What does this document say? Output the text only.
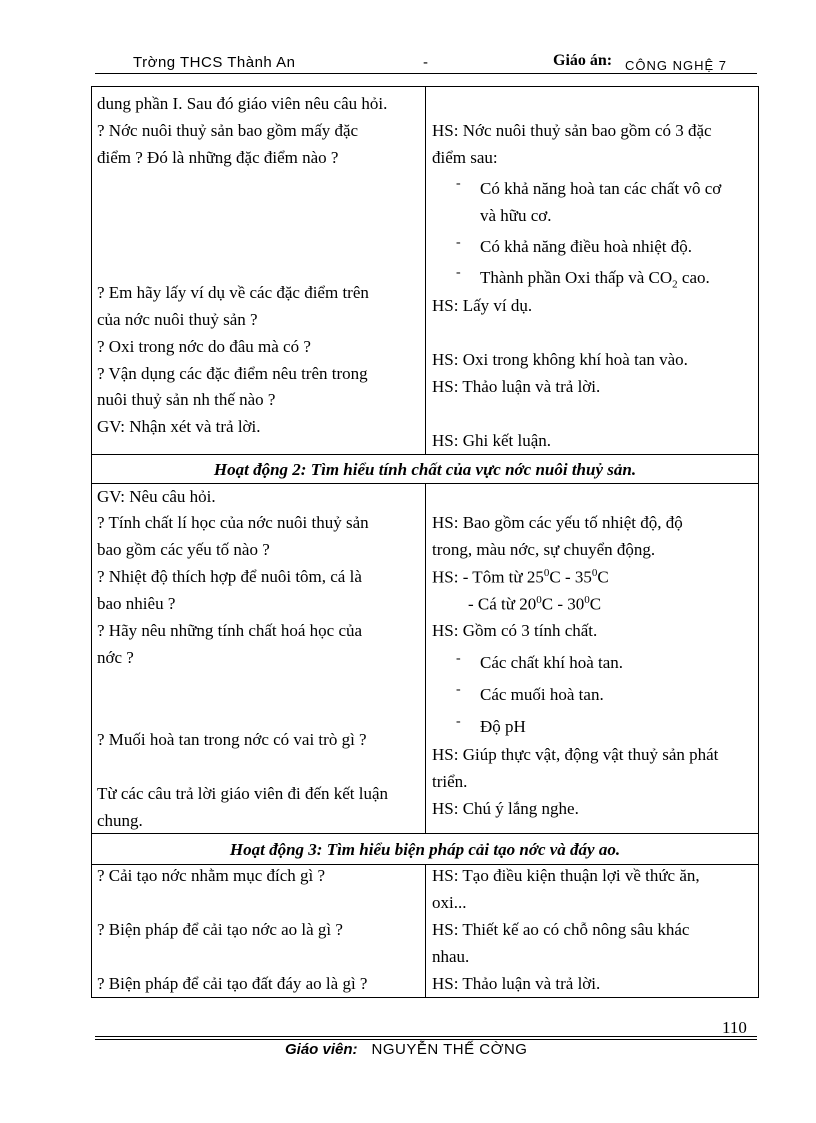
Trờng THCS Thành An	-	Giáo án: CÔNG NGHỆ 7
dung phần I. Sau đó giáo viên nêu câu hỏi.
? Nớc nuôi thuỷ sản bao gồm mấy đặc
điểm ? Đó là những đặc điểm nào ?
? Em hãy lấy ví dụ về các đặc điểm trên
của nớc nuôi thuỷ sản ?
? Oxi trong nớc do đâu mà có ?
? Vận dụng các đặc điểm nêu trên trong
nuôi thuỷ sản nh thế nào ?
GV: Nhận xét và trả lời.
HS: Nớc nuôi thuỷ sản bao gồm có 3 đặc
điểm sau:
- Có khả năng hoà tan các chất vô cơ
và hữu cơ.
- Có khả năng điều hoà nhiệt độ.
- Thành phần Oxi thấp và $CO_2$ cao.
HS: Lấy ví dụ.
HS: Oxi trong không khí hoà tan vào.
HS: Thảo luận và trả lời.
HS: Ghi kết luận.
Hoạt động 2: Tìm hiểu tính chất của vực nớc nuôi thuỷ sản.
GV: Nêu câu hỏi.
? Tính chất lí học của nớc nuôi thuỷ sản
bao gồm các yếu tố nào ?
? Nhiệt độ thích hợp để nuôi tôm, cá là
bao nhiêu ?
? Hãy nêu những tính chất hoá học của
nớc ?
? Muối hoà tan trong nớc có vai trò gì ?
Từ các câu trả lời giáo viên đi đến kết luận
chung.
HS: Bao gồm các yếu tố nhiệt độ, độ
trong, màu nớc, sự chuyển động.
HS: - Tôm từ $25^0C - 35^0C$
- Cá từ $20^0C - 30^0C$
HS: Gồm có 3 tính chất.
- Các chất khí hoà tan.
- Các muối hoà tan.
- Độ pH
HS: Giúp thực vật, động vật thuỷ sản phát
triển.
HS: Chú ý lắng nghe.
Hoạt động 3: Tìm hiểu biện pháp cải tạo nớc và đáy ao.
? Cải tạo nớc nhằm mục đích gì ?
? Biện pháp để cải tạo nớc ao là gì ?
? Biện pháp để cải tạo đất đáy ao là gì ?
HS: Tạo điều kiện thuận lợi về thức ăn,
oxi...
HS: Thiết kế ao có chỗ nông sâu khác
nhau.
HS: Thảo luận và trả lời.
110
Giáo viên: NGUYỄN THẾ CỜNG
